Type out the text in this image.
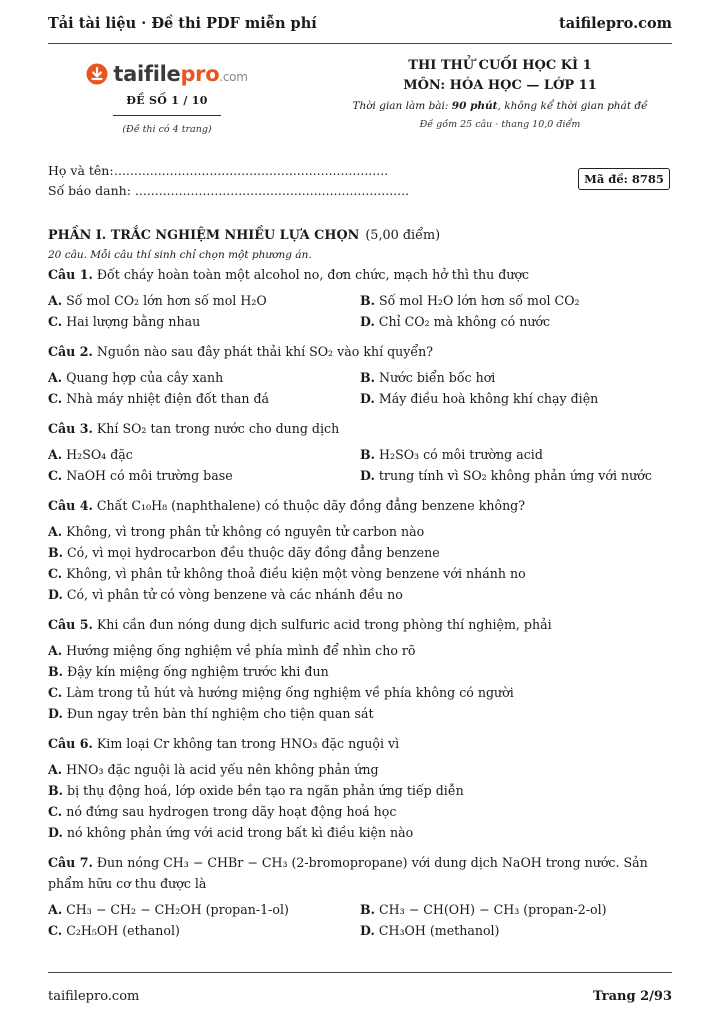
Tải tài liệu · Đề thi PDF miễn phí	taifilepro.com
taifilepro.com
ĐỀ SỐ 1 / 10
(Đề thi có 4 trang)
THI THỬ CUỐI HỌC KÌ 1
MÔN: HÓA HỌC — LỚP 11
Thời gian làm bài: 90 phút, không kể thời gian phát đề
Đề gồm 25 câu · thang 10,0 điểm
Họ và tên:.....................................................................
Số báo danh: .....................................................................
Mã đề: 8785
PHẦN I. TRẮC NGHIỆM NHIỀU LỰA CHỌN (5,00 điểm)
20 câu. Mỗi câu thí sinh chỉ chọn một phương án.
Câu 1. Đốt cháy hoàn toàn một alcohol no, đơn chức, mạch hở thì thu được
A. Số mol CO₂ lớn hơn số mol H₂O	B. Số mol H₂O lớn hơn số mol CO₂
C. Hai lượng bằng nhau	D. Chỉ CO₂ mà không có nước
Câu 2. Nguồn nào sau đây phát thải khí SO₂ vào khí quyển?
A. Quang hợp của cây xanh	B. Nước biển bốc hơi
C. Nhà máy nhiệt điện đốt than đá	D. Máy điều hoà không khí chạy điện
Câu 3. Khí SO₂ tan trong nước cho dung dịch
A. H₂SO₄ đặc	B. H₂SO₃ có môi trường acid
C. NaOH có môi trường base	D. trung tính vì SO₂ không phản ứng với nước
Câu 4. Chất C₁₀H₈ (naphthalene) có thuộc dãy đồng đẳng benzene không?
A. Không, vì trong phân tử không có nguyên tử carbon nào
B. Có, vì mọi hydrocarbon đều thuộc dãy đồng đẳng benzene
C. Không, vì phân tử không thoả điều kiện một vòng benzene với nhánh no
D. Có, vì phân tử có vòng benzene và các nhánh đều no
Câu 5. Khi cần đun nóng dung dịch sulfuric acid trong phòng thí nghiệm, phải
A. Hướng miệng ống nghiệm về phía mình để nhìn cho rõ
B. Đậy kín miệng ống nghiệm trước khi đun
C. Làm trong tủ hút và hướng miệng ống nghiệm về phía không có người
D. Đun ngay trên bàn thí nghiệm cho tiện quan sát
Câu 6. Kim loại Cr không tan trong HNO₃ đặc nguội vì
A. HNO₃ đặc nguội là acid yếu nên không phản ứng
B. bị thụ động hoá, lớp oxide bền tạo ra ngăn phản ứng tiếp diễn
C. nó đứng sau hydrogen trong dãy hoạt động hoá học
D. nó không phản ứng với acid trong bất kì điều kiện nào
Câu 7. Đun nóng CH₃ − CHBr − CH₃ (2-bromopropane) với dung dịch NaOH trong nước. Sản phẩm hữu cơ thu được là
A. CH₃ − CH₂ − CH₂OH (propan-1-ol)	B. CH₃ − CH(OH) − CH₃ (propan-2-ol)
C. C₂H₅OH (ethanol)	D. CH₃OH (methanol)
taifilepro.com	Trang 2/93
